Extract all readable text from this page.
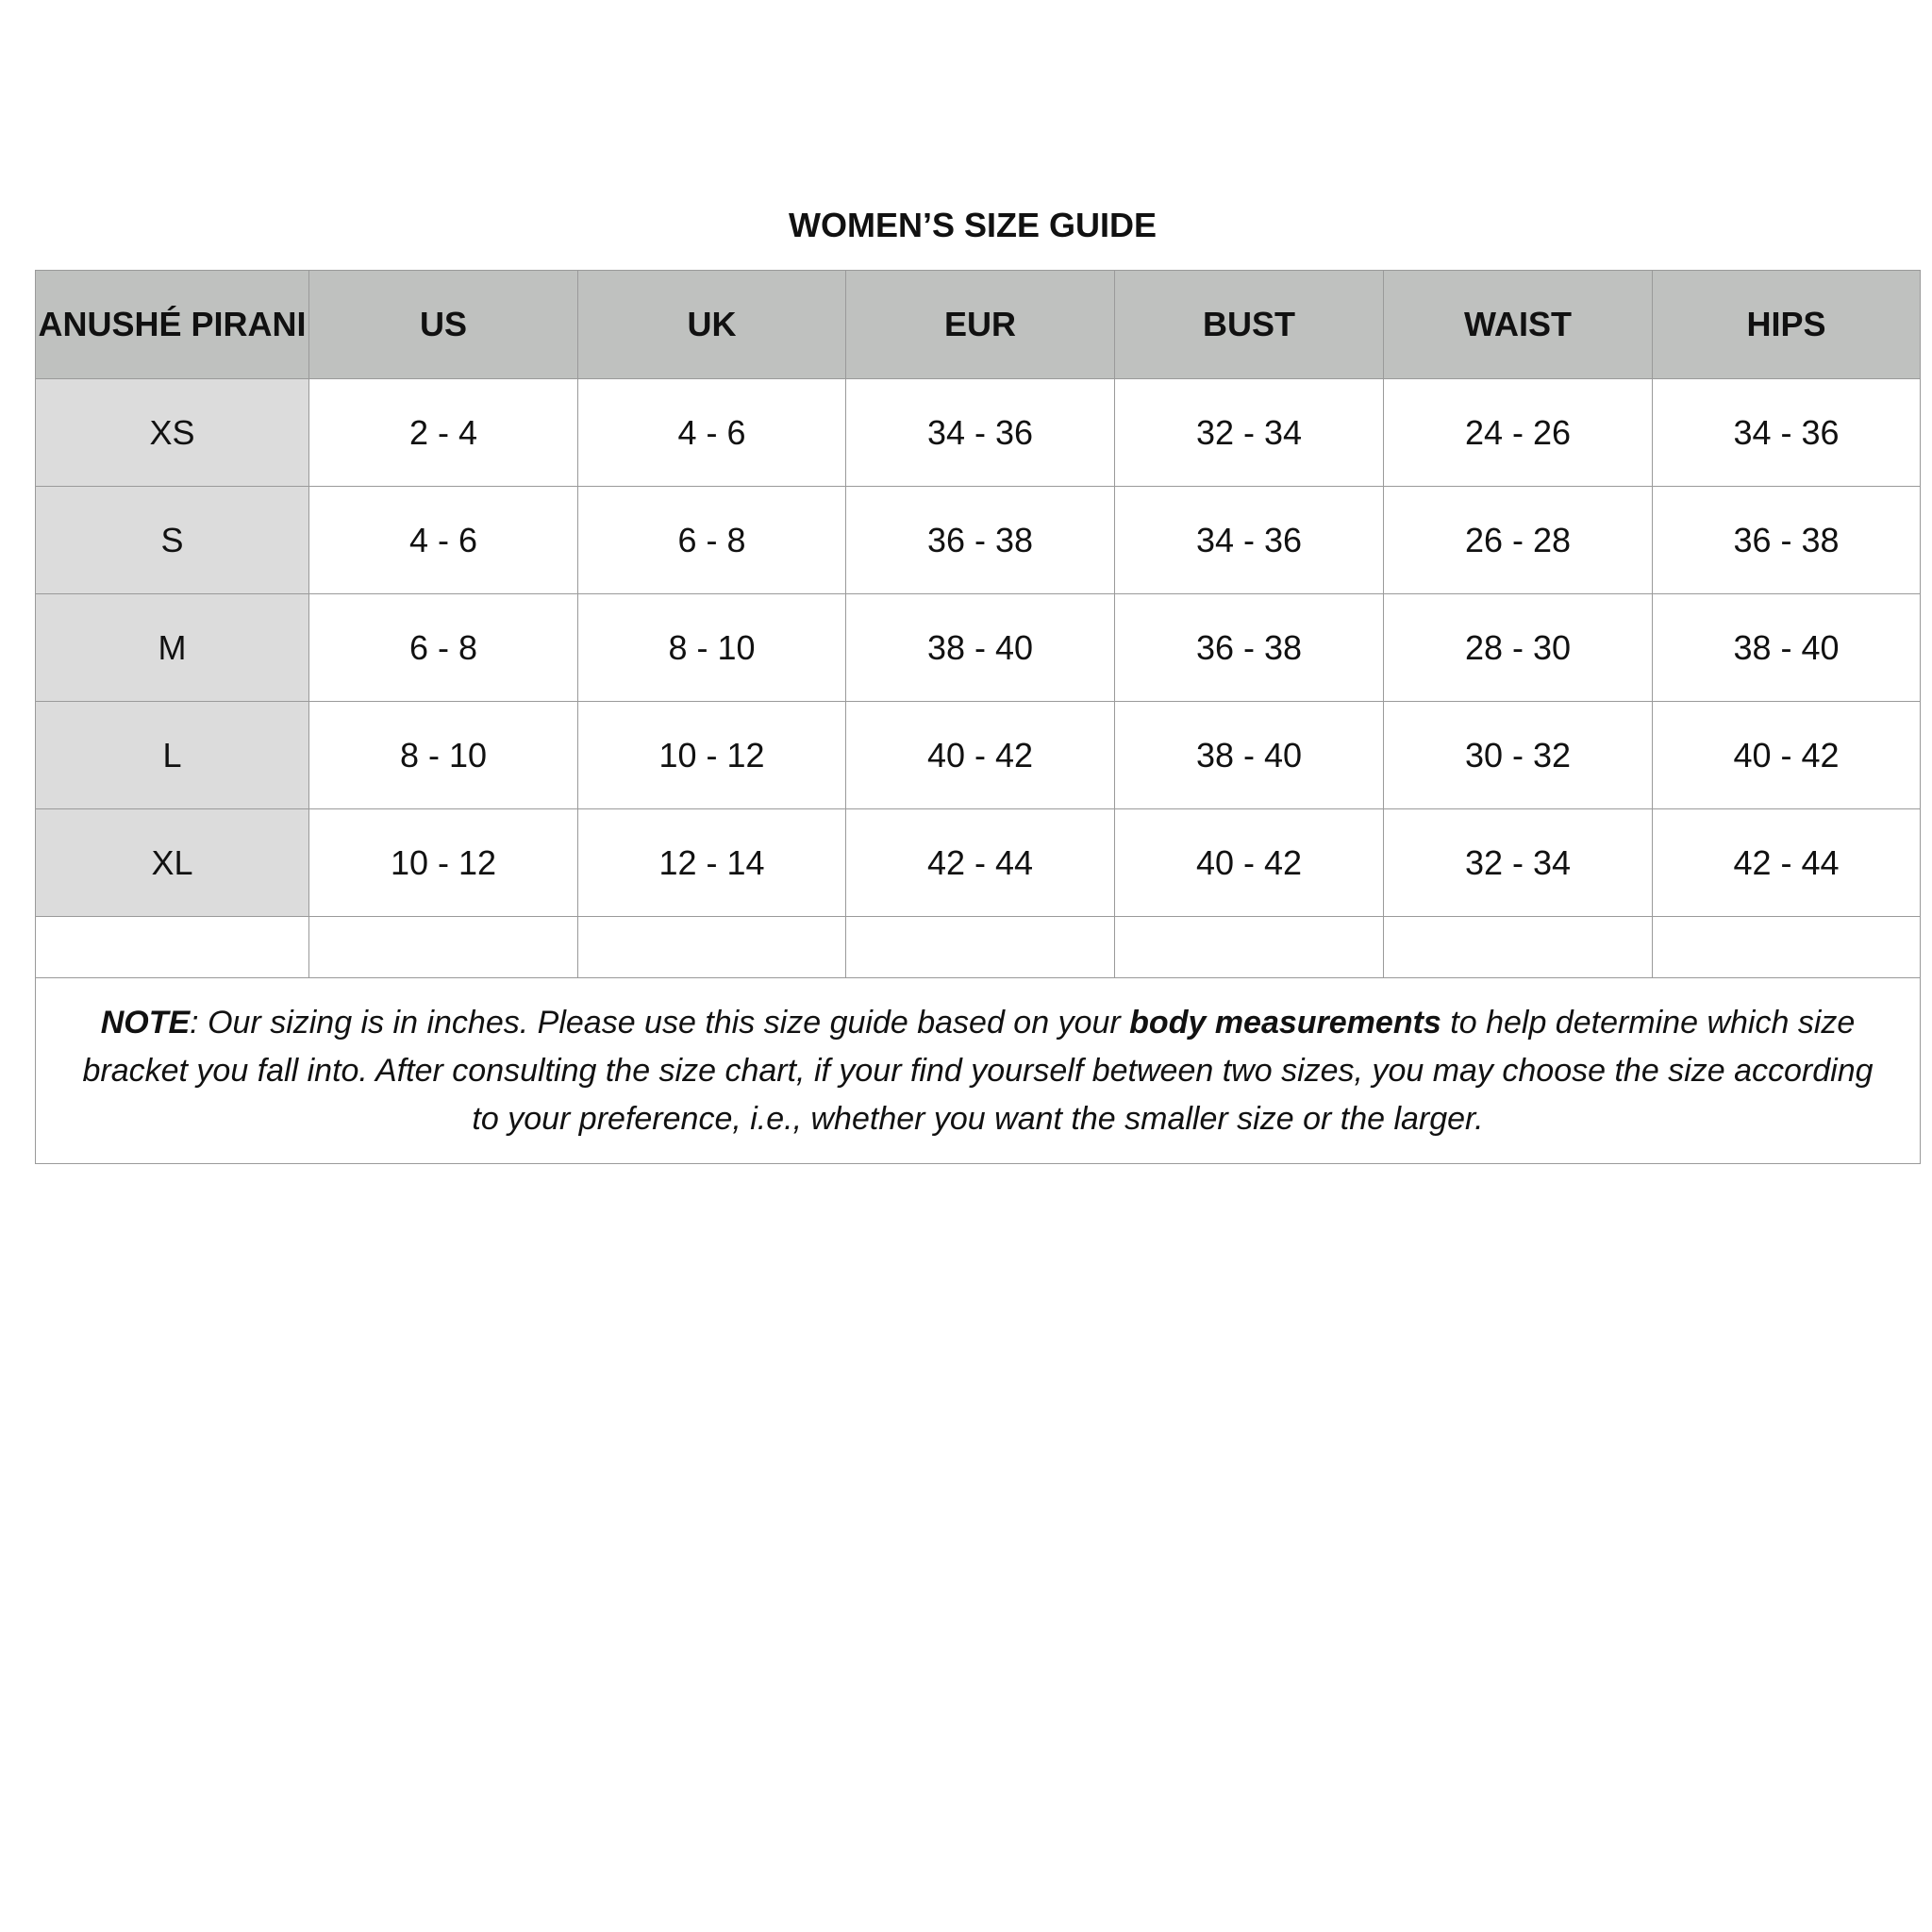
WOMEN’S SIZE GUIDE
ANUSHÉ PIRANI	US	UK	EUR	BUST	WAIST	HIPS
XS	2 - 4	4 - 6	34 - 36	32 - 34	24 - 26	34 - 36
S	4 - 6	6 - 8	36 - 38	34 - 36	26 - 28	36 - 38
M	6 - 8	8 - 10	38 - 40	36 - 38	28 - 30	38 - 40
L	8 - 10	10 - 12	40 - 42	38 - 40	30 - 32	40 - 42
XL	10 - 12	12 - 14	42 - 44	40 - 42	32 - 34	42 - 44

NOTE: Our sizing is in inches. Please use this size guide based on your body measurements to help determine which size bracket you fall into. After consulting the size chart, if your find yourself between two sizes, you may choose the size according to your preference, i.e., whether you want the smaller size or the larger.						
